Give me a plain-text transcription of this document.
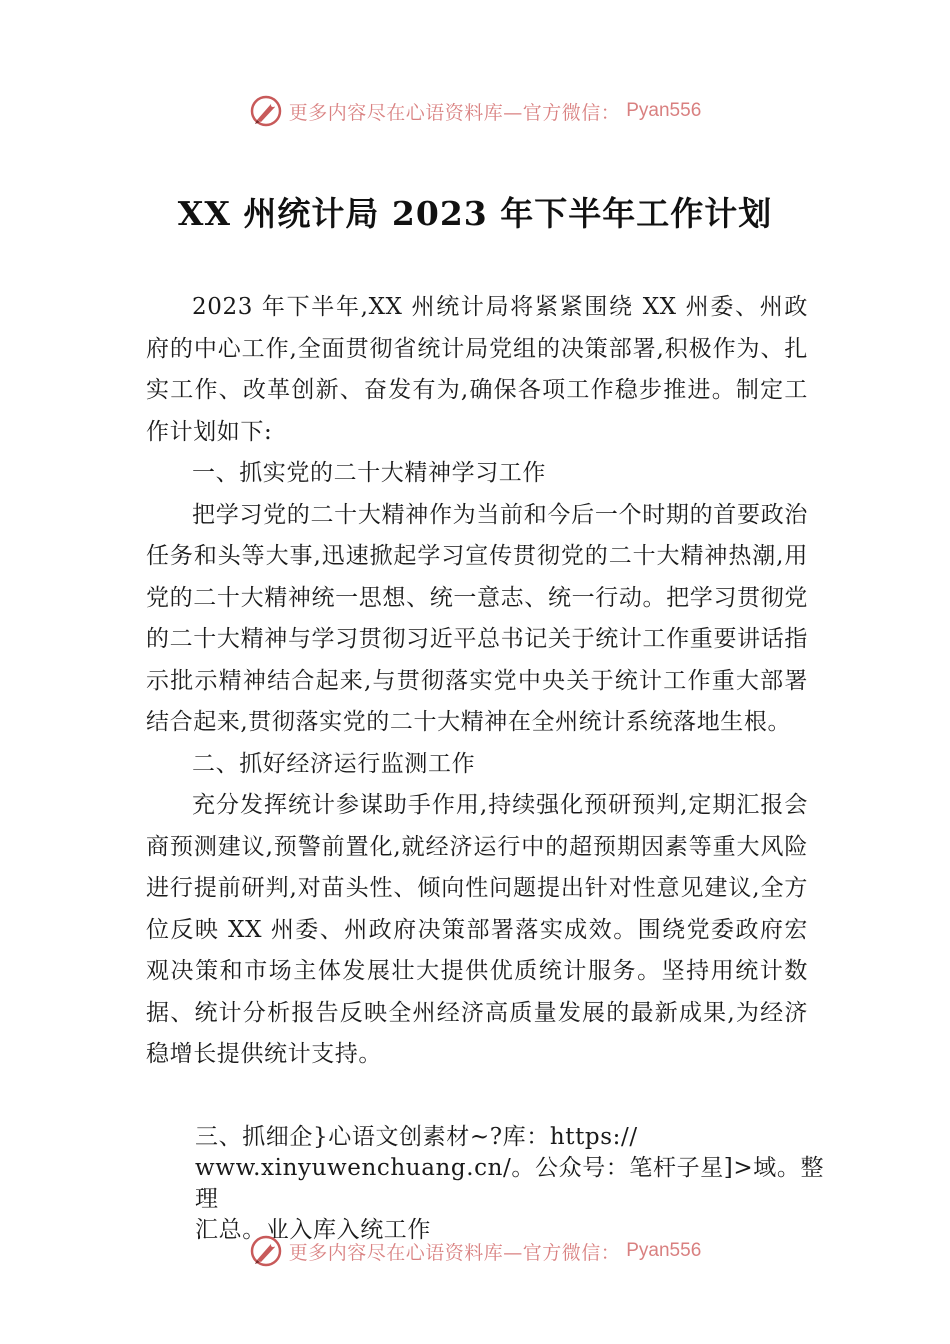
更多内容尽在心语资料库—官方微信： Pyan556
XX 州统计局 2023 年下半年工作计划

2023 年下半年,XX 州统计局将紧紧围绕 XX 州委、州政府的中心工作,全面贯彻省统计局党组的决策部署,积极作为、扎实工作、改革创新、奋发有为,确保各项工作稳步推进。制定工作计划如下:

一、抓实党的二十大精神学习工作

把学习党的二十大精神作为当前和今后一个时期的首要政治任务和头等大事,迅速掀起学习宣传贯彻党的二十大精神热潮,用党的二十大精神统一思想、统一意志、统一行动。把学习贯彻党的二十大精神与学习贯彻习近平总书记关于统计工作重要讲话指示批示精神结合起来,与贯彻落实党中央关于统计工作重大部署结合起来,贯彻落实党的二十大精神在全州统计系统落地生根。

二、抓好经济运行监测工作

充分发挥统计参谋助手作用,持续强化预研预判,定期汇报会商预测建议,预警前置化,就经济运行中的超预期因素等重大风险进行提前研判,对苗头性、倾向性问题提出针对性意见建议,全方位反映 XX 州委、州政府决策部署落实成效。围绕党委政府宏观决策和市场主体发展壮大提供优质统计服务。坚持用统计数据、统计分析报告反映全州经济高质量发展的最新成果,为经济稳增长提供统计支持。

三、抓细企}心语文创素材~?库：https://
www.xinyuwenchuang.cn/。公众号：笔杆子星]>域。整理
汇总。业入库入统工作
更多内容尽在心语资料库—官方微信： Pyan556
